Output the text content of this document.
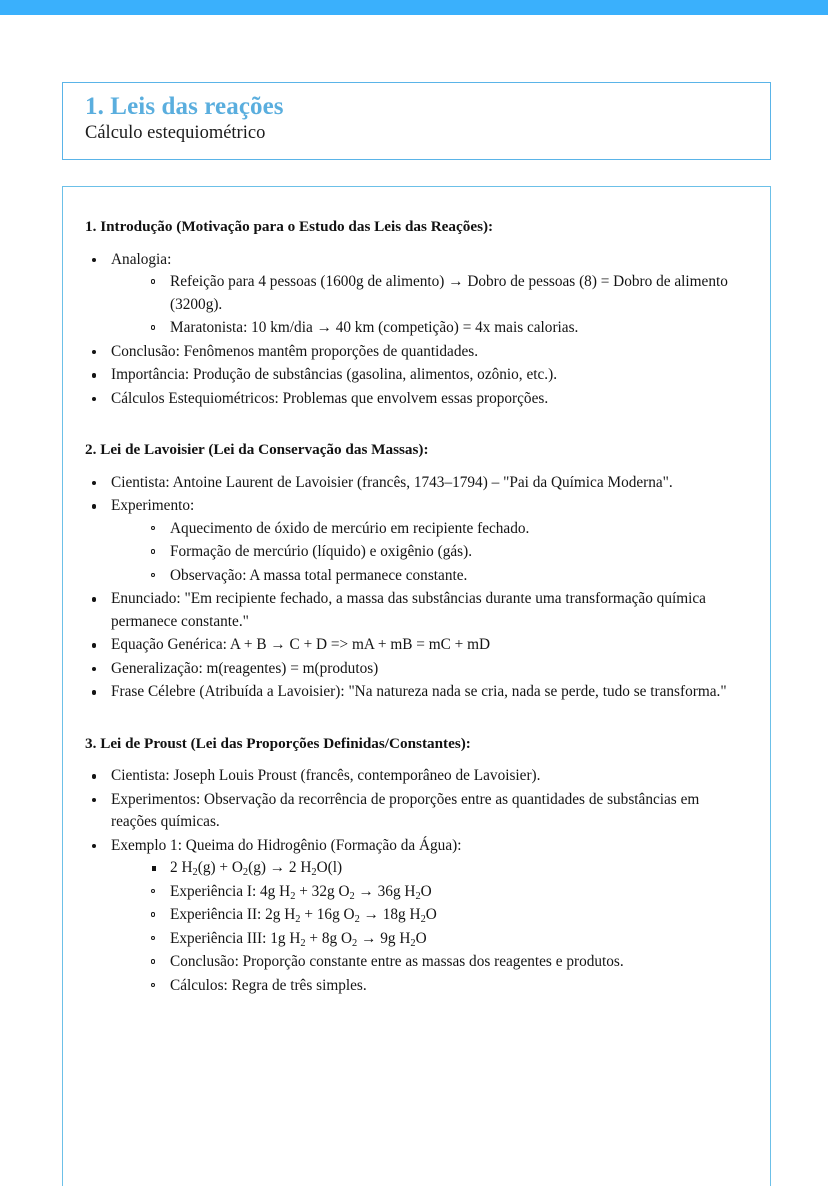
1. Leis das reações
Cálculo estequiométrico
1. Introdução (Motivação para o Estudo das Leis das Reações):
Analogia:
Refeição para 4 pessoas (1600g de alimento) → Dobro de pessoas (8) = Dobro de alimento (3200g).
Maratonista: 10 km/dia → 40 km (competição) = 4x mais calorias.
Conclusão: Fenômenos mantêm proporções de quantidades.
Importância: Produção de substâncias (gasolina, alimentos, ozônio, etc.).
Cálculos Estequiométricos: Problemas que envolvem essas proporções.
2. Lei de Lavoisier (Lei da Conservação das Massas):
Cientista: Antoine Laurent de Lavoisier (francês, 1743–1794) – "Pai da Química Moderna".
Experimento:
Aquecimento de óxido de mercúrio em recipiente fechado.
Formação de mercúrio (líquido) e oxigênio (gás).
Observação: A massa total permanece constante.
Enunciado: "Em recipiente fechado, a massa das substâncias durante uma transformação química permanece constante."
Equação Genérica: A + B → C + D => mA + mB = mC + mD
Generalização: m(reagentes) = m(produtos)
Frase Célebre (Atribuída a Lavoisier): "Na natureza nada se cria, nada se perde, tudo se transforma."
3. Lei de Proust (Lei das Proporções Definidas/Constantes):
Cientista: Joseph Louis Proust (francês, contemporâneo de Lavoisier).
Experimentos: Observação da recorrência de proporções entre as quantidades de substâncias em reações químicas.
Exemplo 1: Queima do Hidrogênio (Formação da Água):
2 $H_2(g) + O_2(g) \to 2$ $H_2O(l)$
Experiência I: 4g $H_2 + 32g$ $O_2 \to 36g$ $H_2O$
Experiência II: 2g $H_2 + 16g$ $O_2 \to 18g$ $H_2O$
Experiência III: 1g $H_2 + 8g$ $O_2 \to 9g$ $H_2O$
Conclusão: Proporção constante entre as massas dos reagentes e produtos.
Cálculos: Regra de três simples.
